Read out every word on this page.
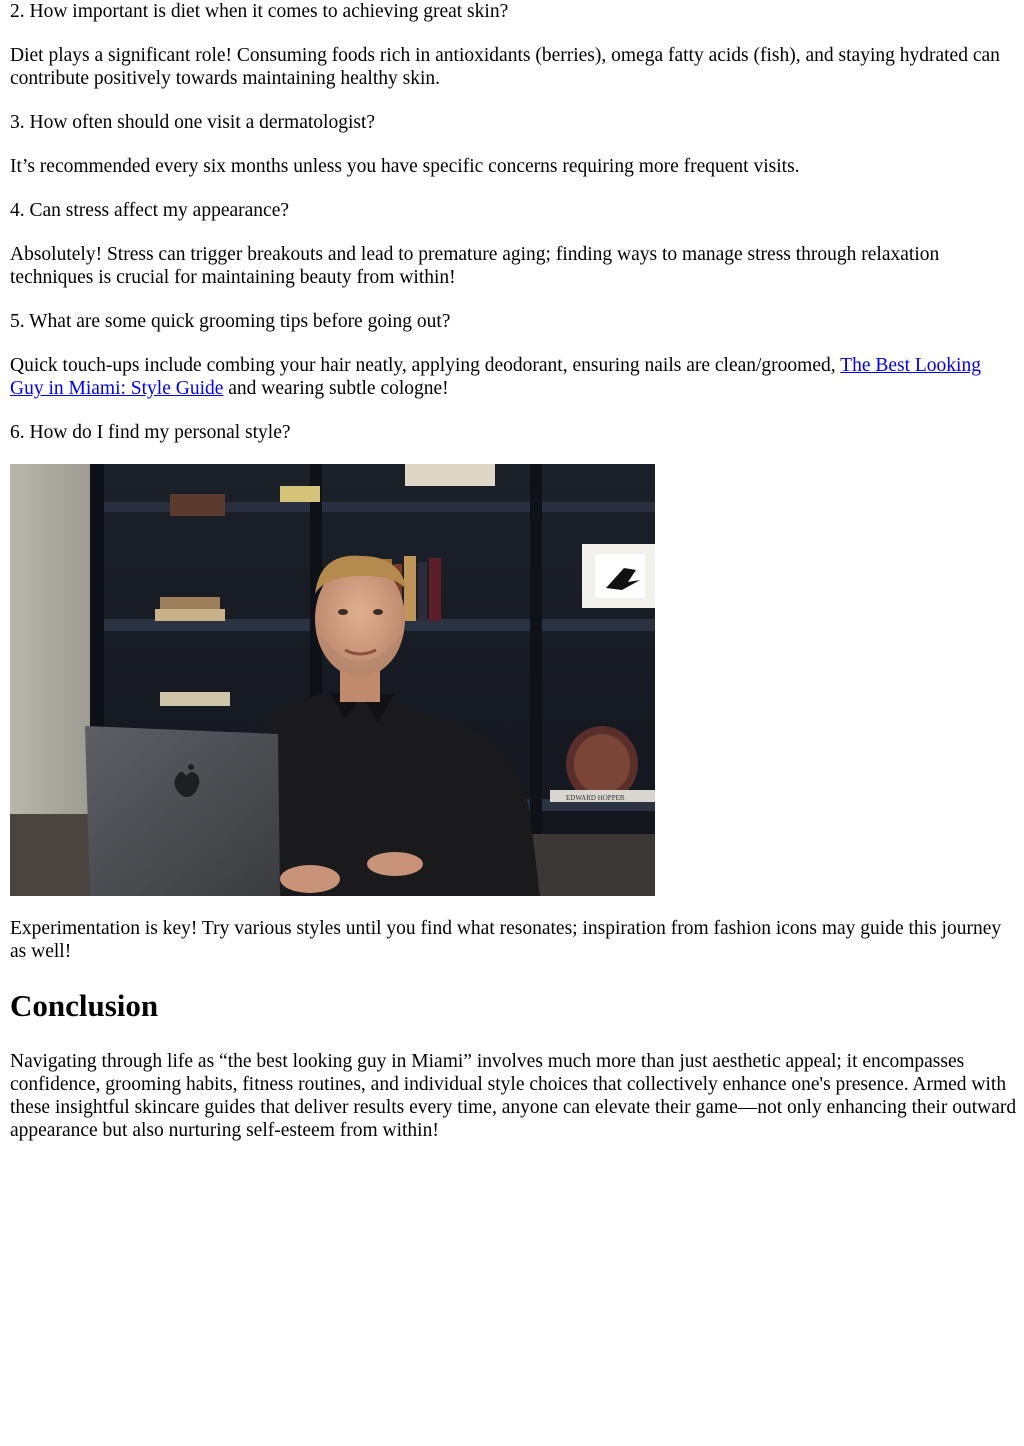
2. How important is diet when it comes to achieving great skin?

Diet plays a significant role! Consuming foods rich in antioxidants (berries), omega fatty acids (fish), and staying hydrated can contribute positively towards maintaining healthy skin.

3. How often should one visit a dermatologist?

It’s recommended every six months unless you have specific concerns requiring more frequent visits.

4. Can stress affect my appearance?

Absolutely! Stress can trigger breakouts and lead to premature aging; finding ways to manage stress through relaxation techniques is crucial for maintaining beauty from within!

5. What are some quick grooming tips before going out?

Quick touch-ups include combing your hair neatly, applying deodorant, ensuring nails are clean/groomed, The Best Looking Guy in Miami: Style Guide and wearing subtle cologne!

6. How do I find my personal style?

EDWARD HOPPER

Experimentation is key! Try various styles until you find what resonates; inspiration from fashion icons may guide this journey as well!

Conclusion

Navigating through life as “the best looking guy in Miami” involves much more than just aesthetic appeal; it encompasses confidence, grooming habits, fitness routines, and individual style choices that collectively enhance one's presence. Armed with these insightful skincare guides that deliver results every time, anyone can elevate their game—not only enhancing their outward appearance but also nurturing self-esteem from within!
